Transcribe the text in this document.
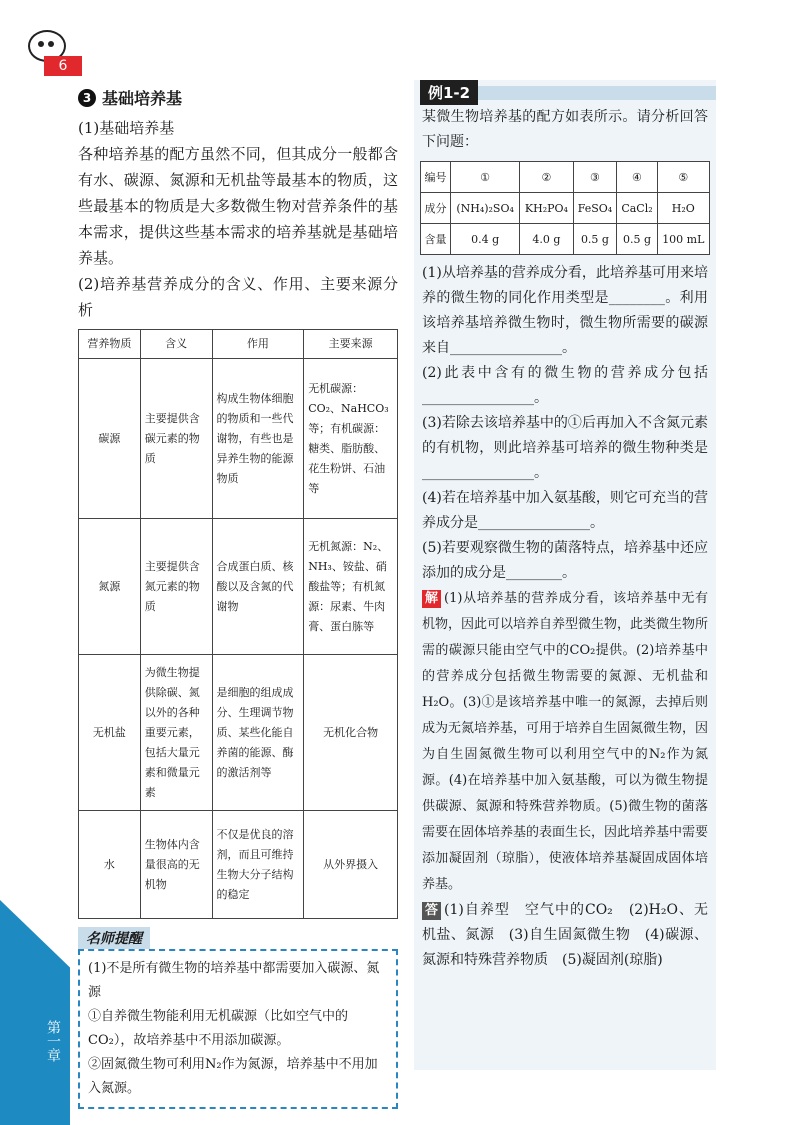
第一章
6
3 基础培养基

(1)基础培养基

各种培养基的配方虽然不同，但其成分一般都含有水、碳源、氮源和无机盐等最基本的物质，这些最基本的物质是大多数微生物对营养条件的基本需求，提供这些基本需求的培养基就是基础培养基。

(2)培养基营养成分的含义、作用、主要来源分析

营养物质	含义	作用	主要来源
碳源	主要提供含碳元素的物质	构成生物体细胞的物质和一些代谢物，有些也是异养生物的能源物质	无机碳源：CO₂、NaHCO₃等；有机碳源：糖类、脂肪酸、花生粉饼、石油等
氮源	主要提供含氮元素的物质	合成蛋白质、核酸以及含氮的代谢物	无机氮源：N₂、NH₃、铵盐、硝酸盐等；有机氮源：尿素、牛肉膏、蛋白胨等
无机盐	为微生物提供除碳、氮以外的各种重要元素，包括大量元素和微量元素	是细胞的组成成分、生理调节物质、某些化能自养菌的能源、酶的激活剂等	无机化合物
水	生物体内含量很高的无机物	不仅是优良的溶剂，而且可维持生物大分子结构的稳定	从外界摄入
名师提醒

(1)不是所有微生物的培养基中都需要加入碳源、氮源

①自养微生物能利用无机碳源（比如空气中的CO₂），故培养基中不用添加碳源。

②固氮微生物可利用N₂作为氮源，培养基中不用加入氮源。

例1-2

某微生物培养基的配方如表所示。请分析回答下问题：

编号	①	②	③	④	⑤
成分	(NH₄)₂SO₄	KH₂PO₄	FeSO₄	CaCl₂	H₂O
含量	0.4 g	4.0 g	0.5 g	0.5 g	100 mL

(1)从培养基的营养成分看，此培养基可用来培养的微生物的同化作用类型是________。利用该培养基培养微生物时，微生物所需要的碳源来自________________。

(2)此表中含有的微生物的营养成分包括________________。

(3)若除去该培养基中的①后再加入不含氮元素的有机物，则此培养基可培养的微生物种类是________________。

(4)若在培养基中加入氨基酸，则它可充当的营养成分是________________。

(5)若要观察微生物的菌落特点，培养基中还应添加的成分是________。

解 (1)从培养基的营养成分看，该培养基中无有机物，因此可以培养自养型微生物，此类微生物所需的碳源只能由空气中的CO₂提供。(2)培养基中的营养成分包括微生物需要的氮源、无机盐和H₂O。(3)①是该培养基中唯一的氮源，去掉后则成为无氮培养基，可用于培养自生固氮微生物，因为自生固氮微生物可以利用空气中的N₂作为氮源。(4)在培养基中加入氨基酸，可以为微生物提供碳源、氮源和特殊营养物质。(5)微生物的菌落需要在固体培养基的表面生长，因此培养基中需要添加凝固剂（琼脂），使液体培养基凝固成固体培养基。

答 (1)自养型　空气中的CO₂　(2)H₂O、无机盐、氮源　(3)自生固氮微生物　(4)碳源、氮源和特殊营养物质　(5)凝固剂(琼脂)
